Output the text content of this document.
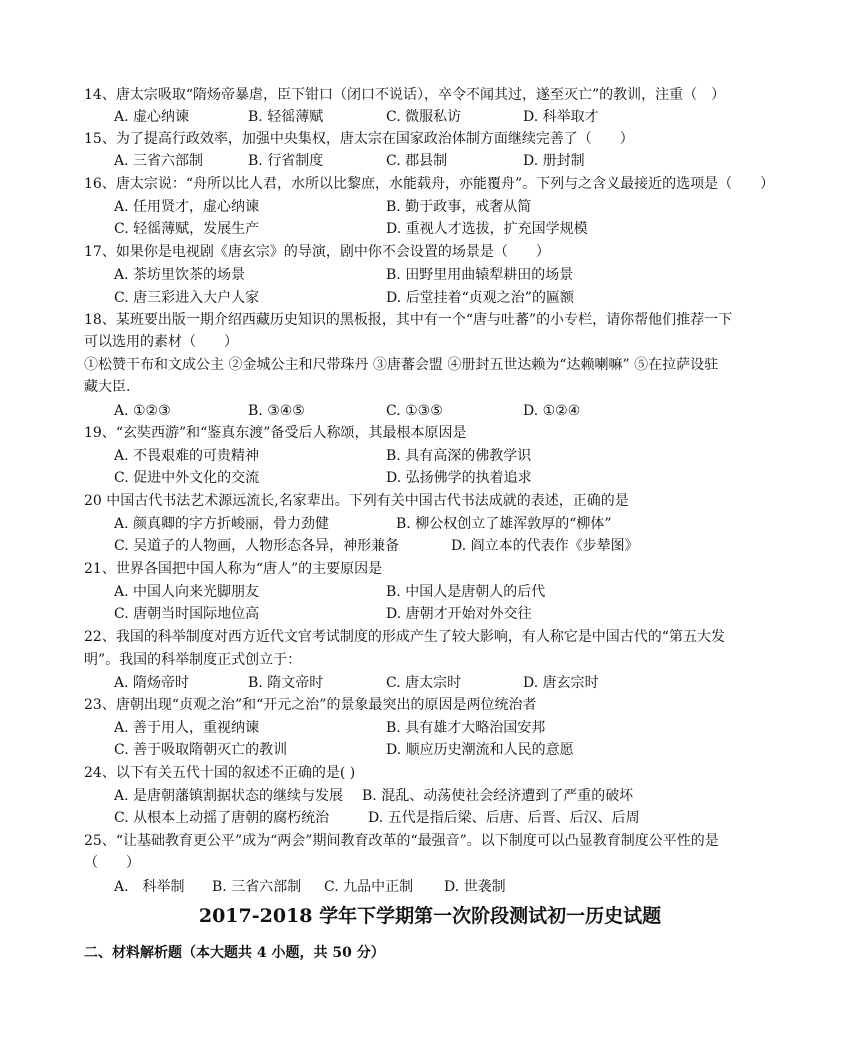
14、唐太宗吸取“隋炀帝暴虐，臣下钳口（闭口不说话），卒令不闻其过，遂至灭亡”的教训，注重（　）
A. 虚心纳谏	B. 轻徭薄赋	C. 微服私访	D. 科举取才
15、为了提高行政效率，加强中央集权，唐太宗在国家政治体制方面继续完善了（　　）
A. 三省六部制	B. 行省制度	C. 郡县制	D. 册封制
16、唐太宗说：“舟所以比人君，水所以比黎庶，水能载舟，亦能覆舟”。下列与之含义最接近的选项是（　　）
A. 任用贤才，虚心纳谏	B. 勤于政事，戒奢从简
C. 轻徭薄赋，发展生产	D. 重视人才选拔，扩充国学规模
17、如果你是电视剧《唐玄宗》的导演，剧中你不会设置的场景是（　　）
A. 茶坊里饮茶的场景	B. 田野里用曲辕犁耕田的场景
C. 唐三彩进入大户人家	D. 后堂挂着“贞观之治”的匾额
18、某班要出版一期介绍西藏历史知识的黑板报，其中有一个“唐与吐蕃”的小专栏，请你帮他们推荐一下
可以选用的素材（　　）
①松赞干布和文成公主 ②金城公主和尺带珠丹 ③唐蕃会盟 ④册封五世达赖为“达赖喇嘛” ⑤在拉萨设驻
藏大臣.
A. ①②③	B. ③④⑤	C. ①③⑤	D. ①②④
19、“玄奘西游”和“鉴真东渡”备受后人称颂，其最根本原因是
A. 不畏艰难的可贵精神	B. 具有高深的佛教学识
C. 促进中外文化的交流	D. 弘扬佛学的执着追求
20 中国古代书法艺术源远流长,名家辈出。下列有关中国古代书法成就的表述，正确的是
A. 颜真卿的字方折峻丽，骨力劲健	B. 柳公权创立了雄浑敦厚的“柳体”
C. 吴道子的人物画，人物形态各异，神形兼备	D. 阎立本的代表作《步辇图》
21、世界各国把中国人称为“唐人”的主要原因是
A. 中国人向来光脚朋友	B. 中国人是唐朝人的后代
C. 唐朝当时国际地位高	D. 唐朝才开始对外交往
22、我国的科举制度对西方近代文官考试制度的形成产生了较大影响，有人称它是中国古代的“第五大发
明”。我国的科举制度正式创立于：
A. 隋炀帝时	B. 隋文帝时	C. 唐太宗时	D. 唐玄宗时
23、唐朝出现“贞观之治”和“开元之治”的景象最突出的原因是两位统治者
A. 善于用人，重视纳谏	B. 具有雄才大略治国安邦
C. 善于吸取隋朝灭亡的教训	D. 顺应历史潮流和人民的意愿
24、以下有关五代十国的叙述不正确的是( )
A. 是唐朝藩镇割据状态的继续与发展 B. 混乱、动荡使社会经济遭到了严重的破坏
C. 从根本上动摇了唐朝的腐朽统治	D. 五代是指后梁、后唐、后晋、后汉、后周
25、“让基础教育更公平”成为“两会”期间教育改革的“最强音”。以下制度可以凸显教育制度公平性的是
（　　）
A.　科举制 B. 三省六部制 C. 九品中正制 D. 世袭制
2017-2018 学年下学期第一次阶段测试初一历史试题
二、材料解析题（本大题共 4 小题，共 50 分）
